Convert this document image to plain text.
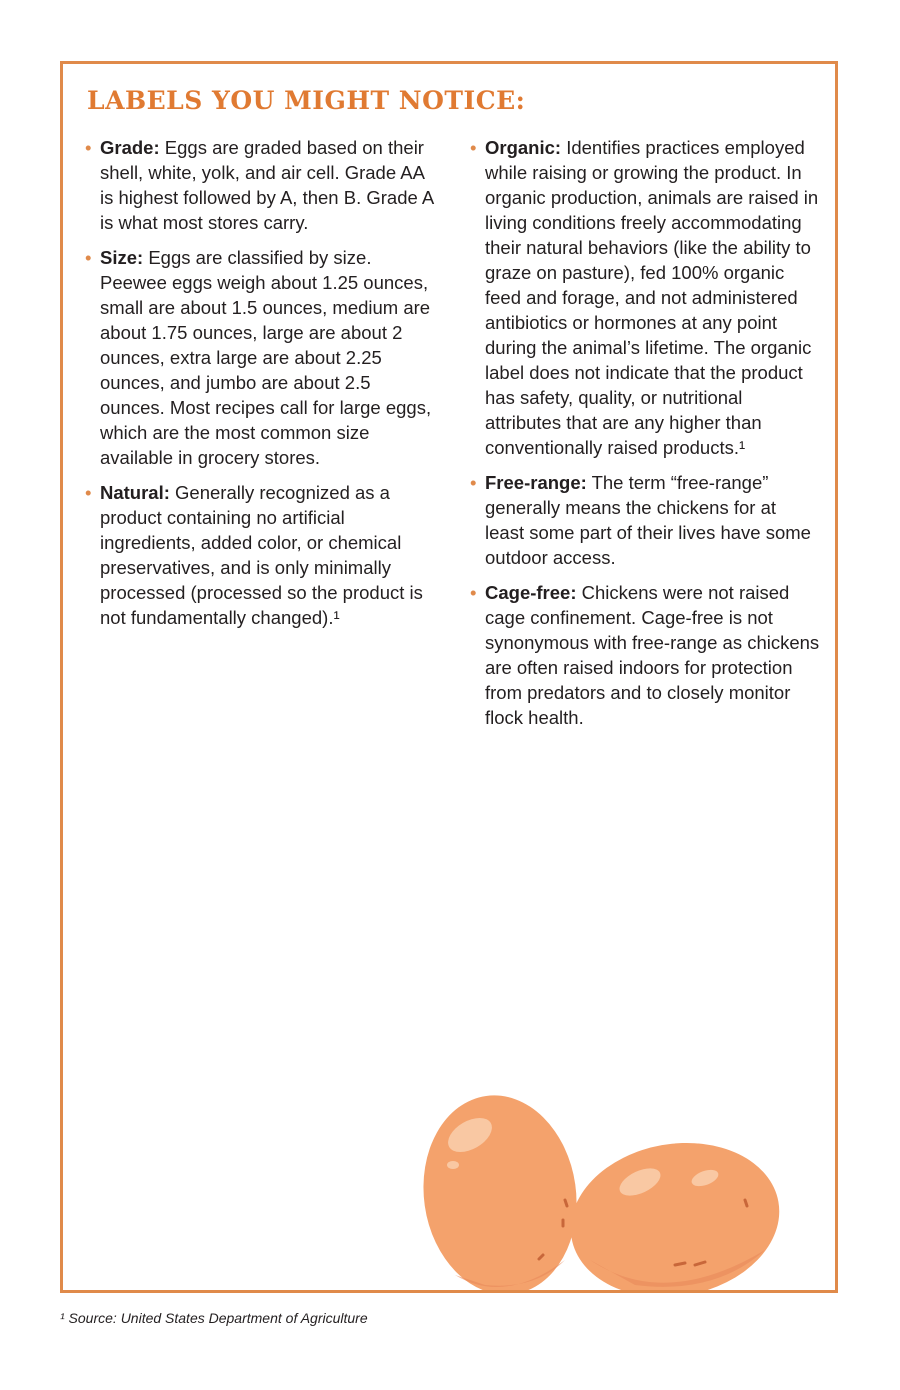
LABELS YOU MIGHT NOTICE:
• Grade: Eggs are graded based on their shell, white, yolk, and air cell. Grade AA is highest followed by A, then B. Grade A is what most stores carry.
• Size: Eggs are classified by size. Peewee eggs weigh about 1.25 ounces, small are about 1.5 ounces, medium are about 1.75 ounces, large are about 2 ounces, extra large are about 2.25 ounces, and jumbo are about 2.5 ounces. Most recipes call for large eggs, which are the most common size available in grocery stores.
• Natural: Generally recognized as a product containing no artificial ingredients, added color, or chemical preservatives, and is only minimally processed (processed so the product is not fundamentally changed).¹
• Organic: Identifies practices employed while raising or growing the product. In organic production, animals are raised in living conditions freely accommodating their natural behaviors (like the ability to graze on pasture), fed 100% organic feed and forage, and not administered antibiotics or hormones at any point during the animal’s lifetime. The organic label does not indicate that the product has safety, quality, or nutritional attributes that are any higher than conventionally raised products.¹
• Free-range: The term “free-range” generally means the chickens for at least some part of their lives have some outdoor access.
• Cage-free: Chickens were not raised cage confinement. Cage-free is not synonymous with free-range as chickens are often raised indoors for protection from predators and to closely monitor flock health.
¹ Source: United States Department of Agriculture
